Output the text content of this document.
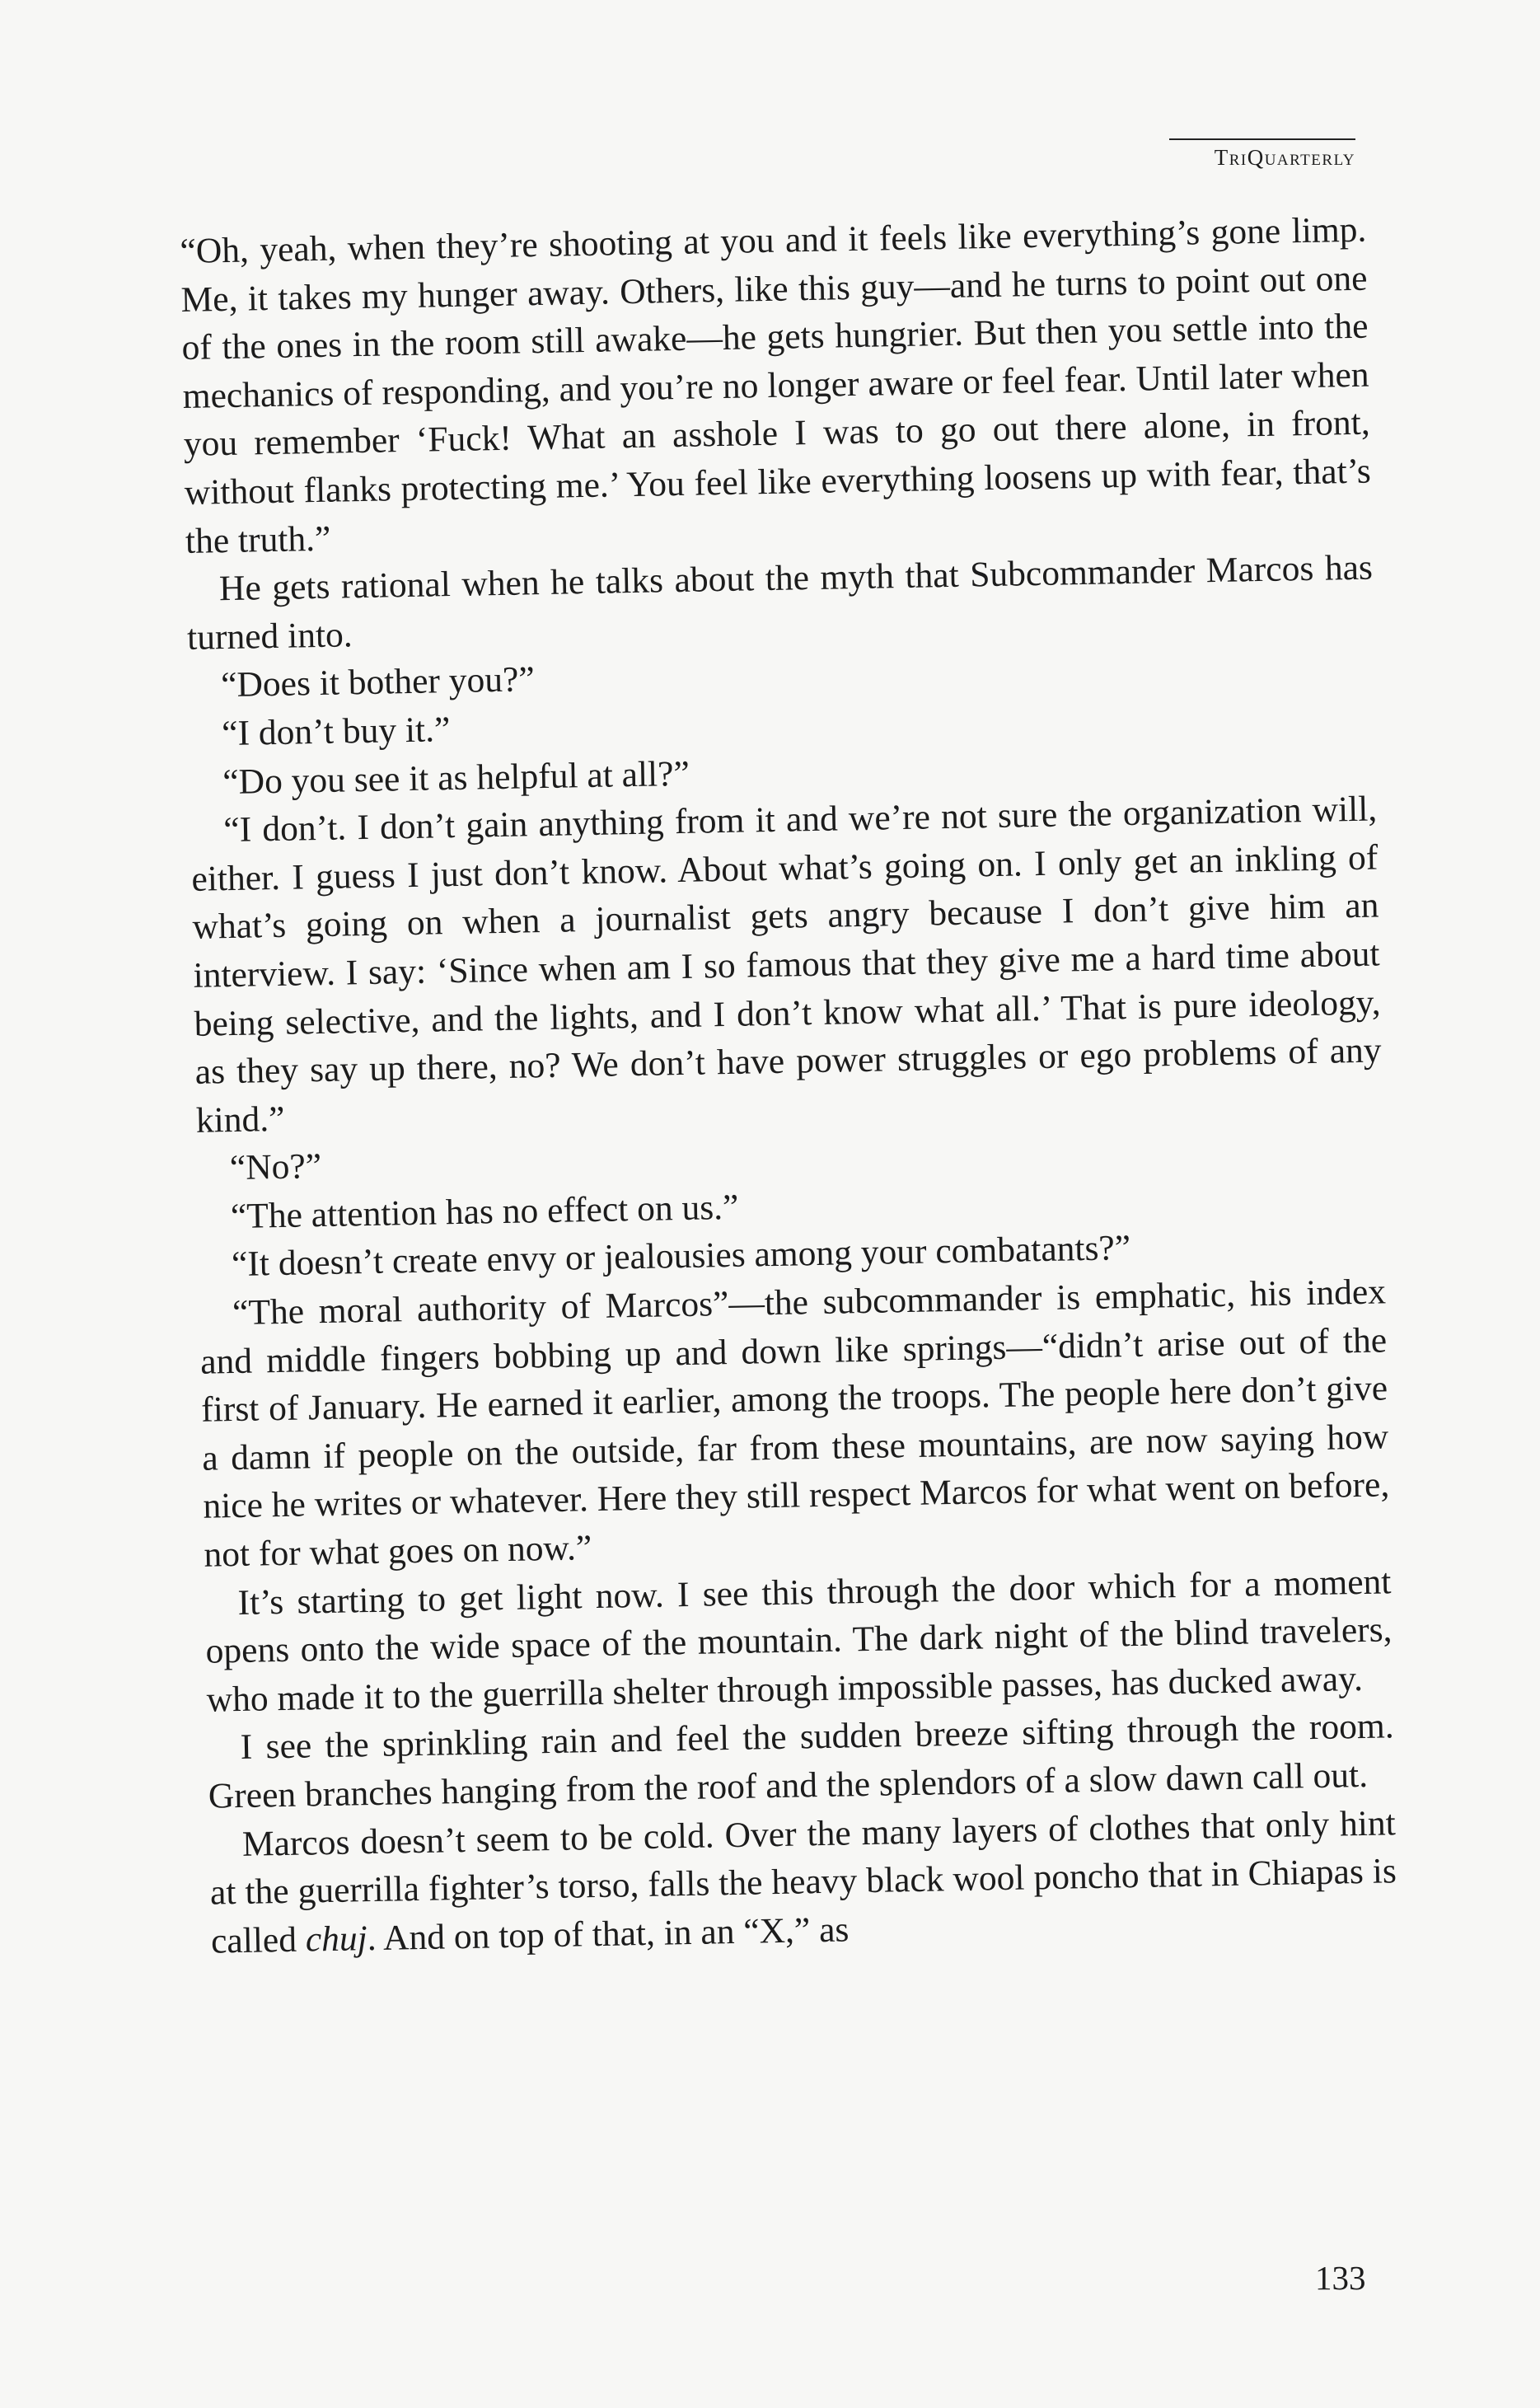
TriQuarterly

“Oh, yeah, when they’re shooting at you and it feels like everything’s gone limp. Me, it takes my hunger away. Others, like this guy—and he turns to point out one of the ones in the room still awake—he gets hungrier. But then you settle into the mechanics of responding, and you’re no longer aware or feel fear. Until later when you remember ‘Fuck! What an asshole I was to go out there alone, in front, without flanks protecting me.’ You feel like everything loosens up with fear, that’s the truth.”

He gets rational when he talks about the myth that Subcommander Marcos has turned into.

“Does it bother you?”

“I don’t buy it.”

“Do you see it as helpful at all?”

“I don’t. I don’t gain anything from it and we’re not sure the organization will, either. I guess I just don’t know. About what’s going on. I only get an inkling of what’s going on when a journalist gets angry because I don’t give him an interview. I say: ‘Since when am I so famous that they give me a hard time about being selective, and the lights, and I don’t know what all.’ That is pure ideology, as they say up there, no? We don’t have power struggles or ego problems of any kind.”

“No?”

“The attention has no effect on us.”

“It doesn’t create envy or jealousies among your combatants?”

“The moral authority of Marcos”—the subcommander is emphatic, his index and middle fingers bobbing up and down like springs—“didn’t arise out of the first of January. He earned it earlier, among the troops. The people here don’t give a damn if people on the outside, far from these mountains, are now saying how nice he writes or whatever. Here they still respect Marcos for what went on before, not for what goes on now.”

It’s starting to get light now. I see this through the door which for a moment opens onto the wide space of the mountain. The dark night of the blind travelers, who made it to the guerrilla shelter through impossible passes, has ducked away.

I see the sprinkling rain and feel the sudden breeze sifting through the room. Green branches hanging from the roof and the splendors of a slow dawn call out.

Marcos doesn’t seem to be cold. Over the many layers of clothes that only hint at the guerrilla fighter’s torso, falls the heavy black wool poncho that in Chiapas is called chuj. And on top of that, in an “X,” as

133
